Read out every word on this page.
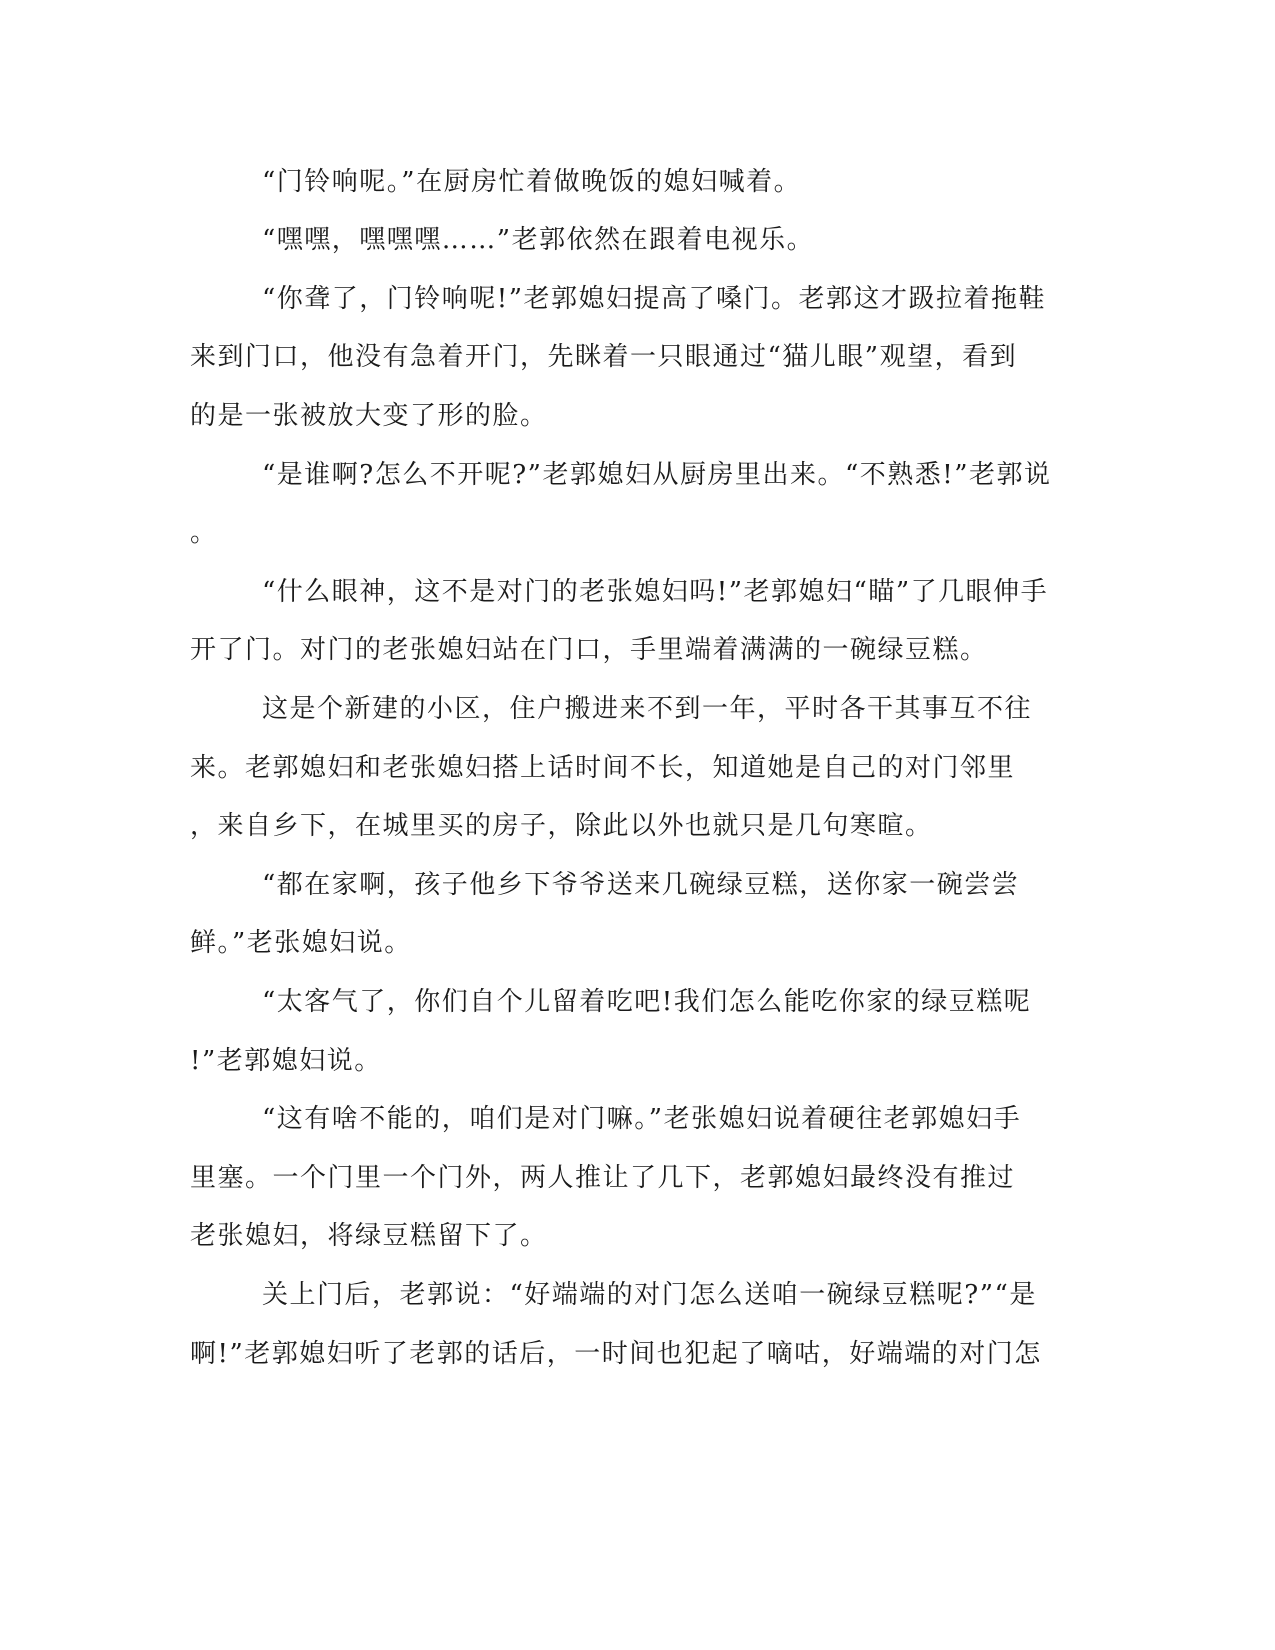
“门铃响呢。”在厨房忙着做晚饭的媳妇喊着。
“嘿嘿，嘿嘿嘿……”老郭依然在跟着电视乐。
“你聋了，门铃响呢!”老郭媳妇提高了嗓门。老郭这才趿拉着拖鞋
来到门口，他没有急着开门，先眯着一只眼通过“猫儿眼”观望，看到
的是一张被放大变了形的脸。
“是谁啊?怎么不开呢?”老郭媳妇从厨房里出来。“不熟悉!”老郭说
。
“什么眼神，这不是对门的老张媳妇吗!”老郭媳妇“瞄”了几眼伸手
开了门。对门的老张媳妇站在门口，手里端着满满的一碗绿豆糕。
这是个新建的小区，住户搬进来不到一年，平时各干其事互不往
来。老郭媳妇和老张媳妇搭上话时间不长，知道她是自己的对门邻里
，来自乡下，在城里买的房子，除此以外也就只是几句寒暄。
“都在家啊，孩子他乡下爷爷送来几碗绿豆糕，送你家一碗尝尝
鲜。”老张媳妇说。
“太客气了，你们自个儿留着吃吧!我们怎么能吃你家的绿豆糕呢
!”老郭媳妇说。
“这有啥不能的，咱们是对门嘛。”老张媳妇说着硬往老郭媳妇手
里塞。一个门里一个门外，两人推让了几下，老郭媳妇最终没有推过
老张媳妇，将绿豆糕留下了。
关上门后，老郭说：“好端端的对门怎么送咱一碗绿豆糕呢?”“是
啊!”老郭媳妇听了老郭的话后，一时间也犯起了嘀咕，好端端的对门怎
